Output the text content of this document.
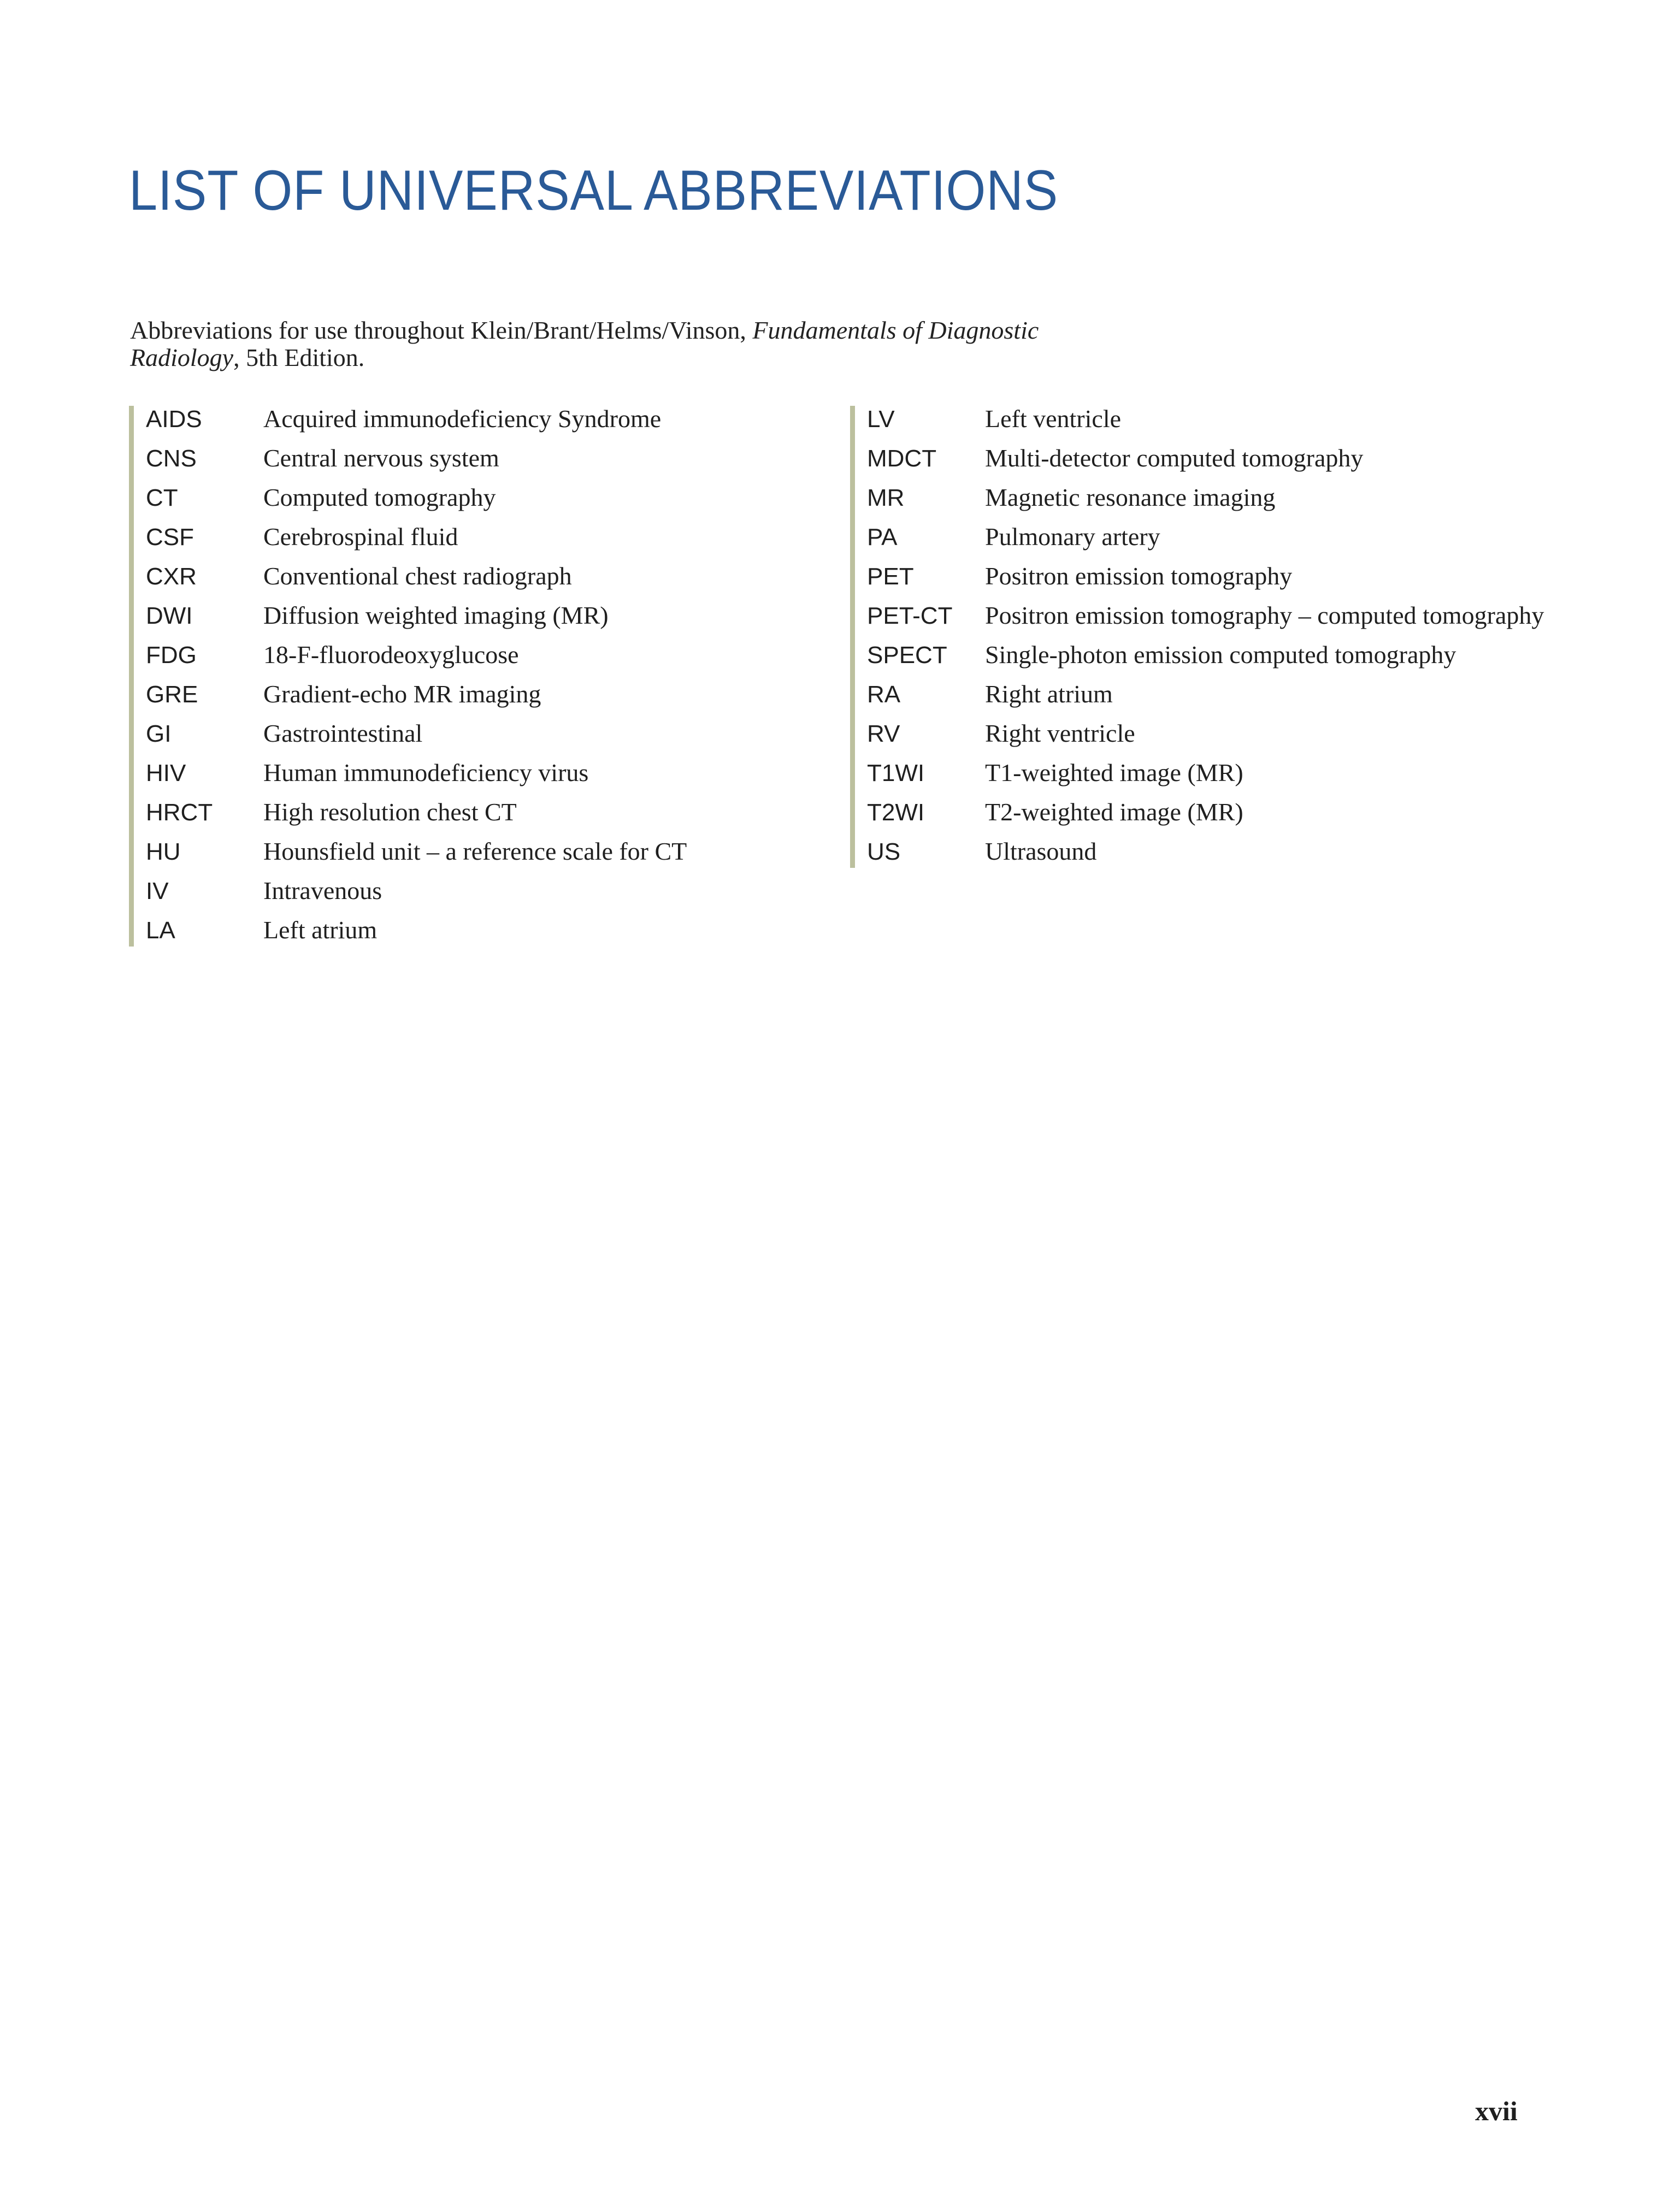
LIST OF UNIVERSAL ABBREVIATIONS

Abbreviations for use throughout Klein/Brant/Helms/Vinson, Fundamentals of Diagnostic Radiology, 5th Edition.

AIDS	Acquired immunodeficiency Syndrome
CNS	Central nervous system
CT	Computed tomography
CSF	Cerebrospinal fluid
CXR	Conventional chest radiograph
DWI	Diffusion weighted imaging (MR)
FDG	18-F-fluorodeoxyglucose
GRE	Gradient-echo MR imaging
GI	Gastrointestinal
HIV	Human immunodeficiency virus
HRCT	High resolution chest CT
HU	Hounsfield unit – a reference scale for CT
IV	Intravenous
LA	Left atrium
LV	Left ventricle
MDCT	Multi-detector computed tomography
MR	Magnetic resonance imaging
PA	Pulmonary artery
PET	Positron emission tomography
PET-CT	Positron emission tomography – computed tomography
SPECT	Single-photon emission computed tomography
RA	Right atrium
RV	Right ventricle
T1WI	T1-weighted image (MR)
T2WI	T2-weighted image (MR)
US	Ultrasound
xvii
